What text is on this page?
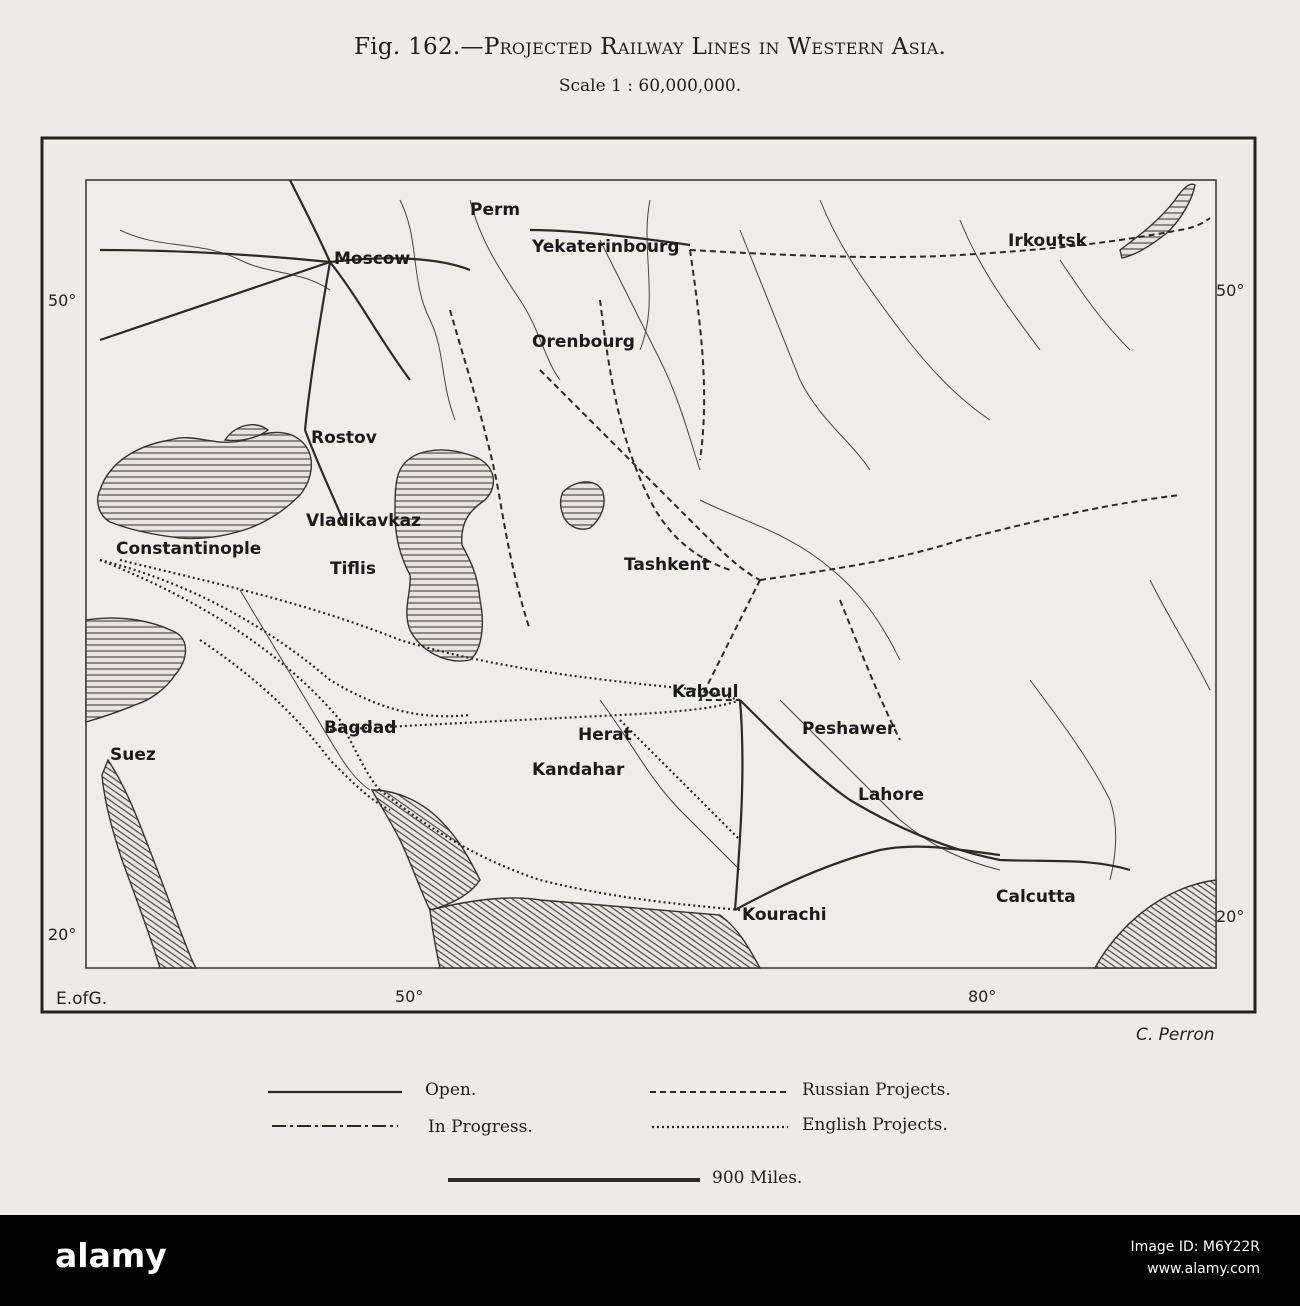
Fig. 162.—Projected Railway Lines in Western Asia.
Scale 1 : 60,000,000.
50°
50°
20°
20°
50°	80°
Perm
Yekaterinbourg
Moscow
Irkoutsk
Orenbourg
Rostov
Vladikavkaz
Constantinople
Tiflis	Tashkent
Kaboul
Peshawer
Bagdad	Herat
Kandahar
Suez
Lahore
Calcutta
Kourachi
E.ofG.
C. Perron
Open.
In Progress.
Russian Projects.
English Projects.
900 Miles.
alamy	Image ID: M6Y22R
www.alamy.com
